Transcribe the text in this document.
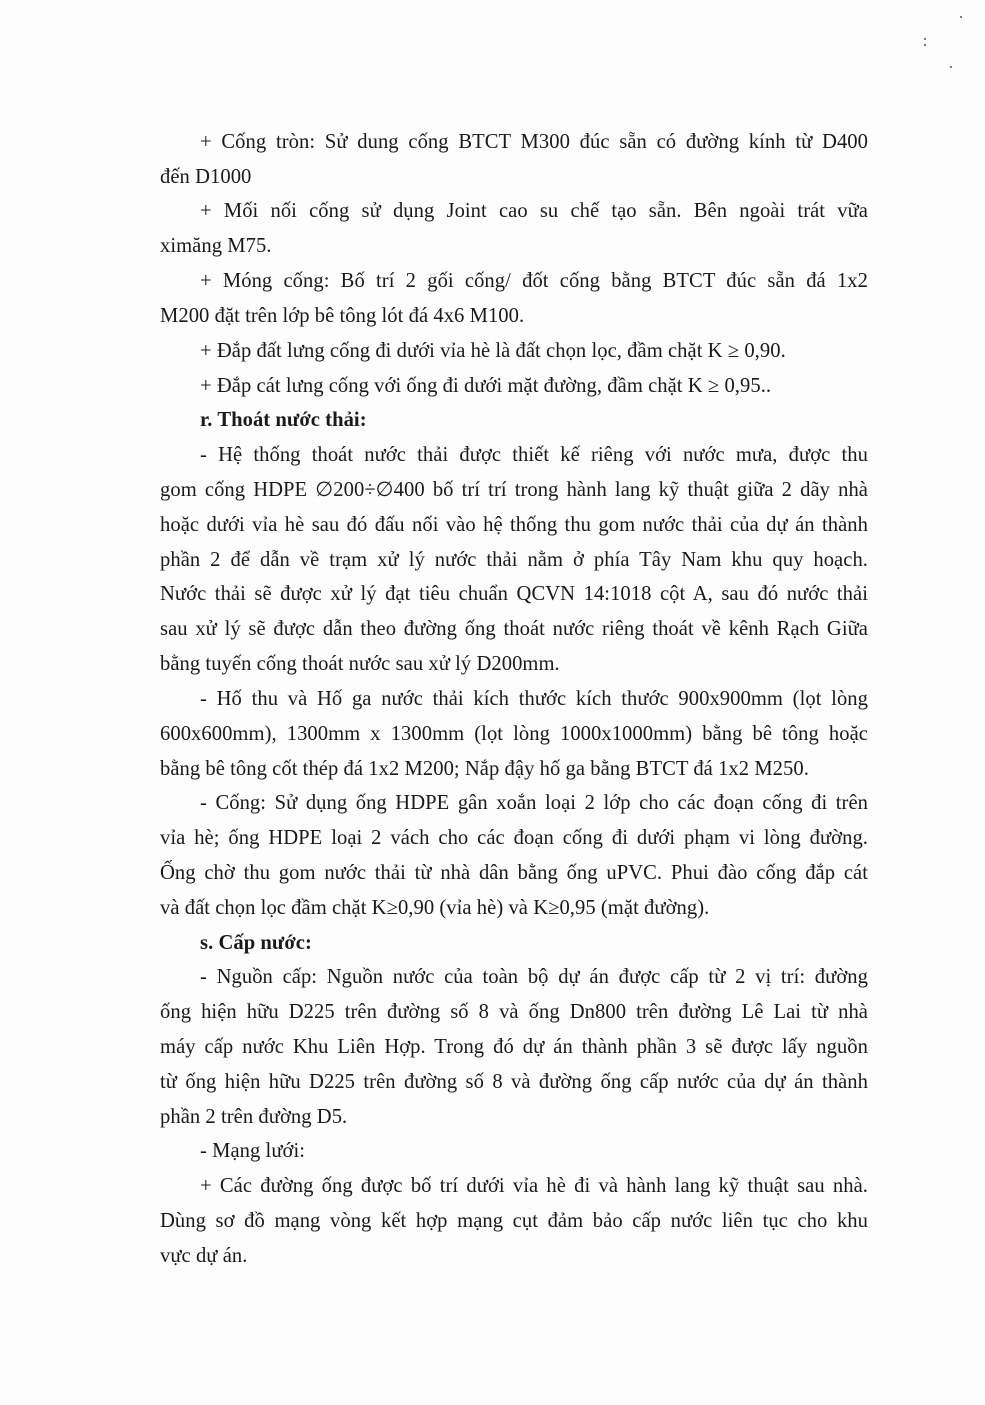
+ Cống tròn: Sử dung cống BTCT M300 đúc sẵn có đường kính từ D400
đến D1000
+ Mối nối cống sử dụng Joint cao su chế tạo sẵn. Bên ngoài trát vữa
ximăng M75.
+ Móng cống: Bố trí 2 gối cống/ đốt cống bằng BTCT đúc sẵn đá 1x2
M200 đặt trên lớp bê tông lót đá 4x6 M100.
+ Đắp đất lưng cống đi dưới vỉa hè là đất chọn lọc, đầm chặt K ≥ 0,90.
+ Đắp cát lưng cống với ống đi dưới mặt đường, đầm chặt K ≥ 0,95..
r. Thoát nước thải:
- Hệ thống thoát nước thải được thiết kế riêng với nước mưa, được thu
gom cống HDPE ∅200÷∅400 bố trí trí trong hành lang kỹ thuật giữa 2 dãy nhà
hoặc dưới vỉa hè sau đó đấu nối vào hệ thống thu gom nước thải của dự án thành
phần 2 để dẫn về trạm xử lý nước thải nằm ở phía Tây Nam khu quy hoạch.
Nước thải sẽ được xử lý đạt tiêu chuẩn QCVN 14:1018 cột A, sau đó nước thải
sau xử lý sẽ được dẫn theo đường ống thoát nước riêng thoát về kênh Rạch Giữa
bằng tuyến cống thoát nước sau xử lý D200mm.
- Hố thu và Hố ga nước thải kích thước kích thước 900x900mm (lọt lòng
600x600mm), 1300mm x 1300mm (lọt lòng 1000x1000mm) bằng bê tông hoặc
bằng bê tông cốt thép đá 1x2 M200; Nắp đậy hố ga bằng BTCT đá 1x2 M250.
- Cống: Sử dụng ống HDPE gân xoắn loại 2 lớp cho các đoạn cống đi trên
vỉa hè; ống HDPE loại 2 vách cho các đoạn cống đi dưới phạm vi lòng đường.
Ống chờ thu gom nước thải từ nhà dân bằng ống uPVC. Phui đào cống đắp cát
và đất chọn lọc đầm chặt K≥0,90 (vỉa hè) và K≥0,95 (mặt đường).
s. Cấp nước:
- Nguồn cấp: Nguồn nước của toàn bộ dự án được cấp từ 2 vị trí: đường
ống hiện hữu D225 trên đường số 8 và ống Dn800 trên đường Lê Lai từ nhà
máy cấp nước Khu Liên Hợp. Trong đó dự án thành phần 3 sẽ được lấy nguồn
từ ống hiện hữu D225 trên đường số 8 và đường ống cấp nước của dự án thành
phần 2 trên đường D5.
- Mạng lưới:
+ Các đường ống được bố trí dưới vỉa hè đi và hành lang kỹ thuật sau nhà.
Dùng sơ đồ mạng vòng kết hợp mạng cụt đảm bảo cấp nước liên tục cho khu
vực dự án.
